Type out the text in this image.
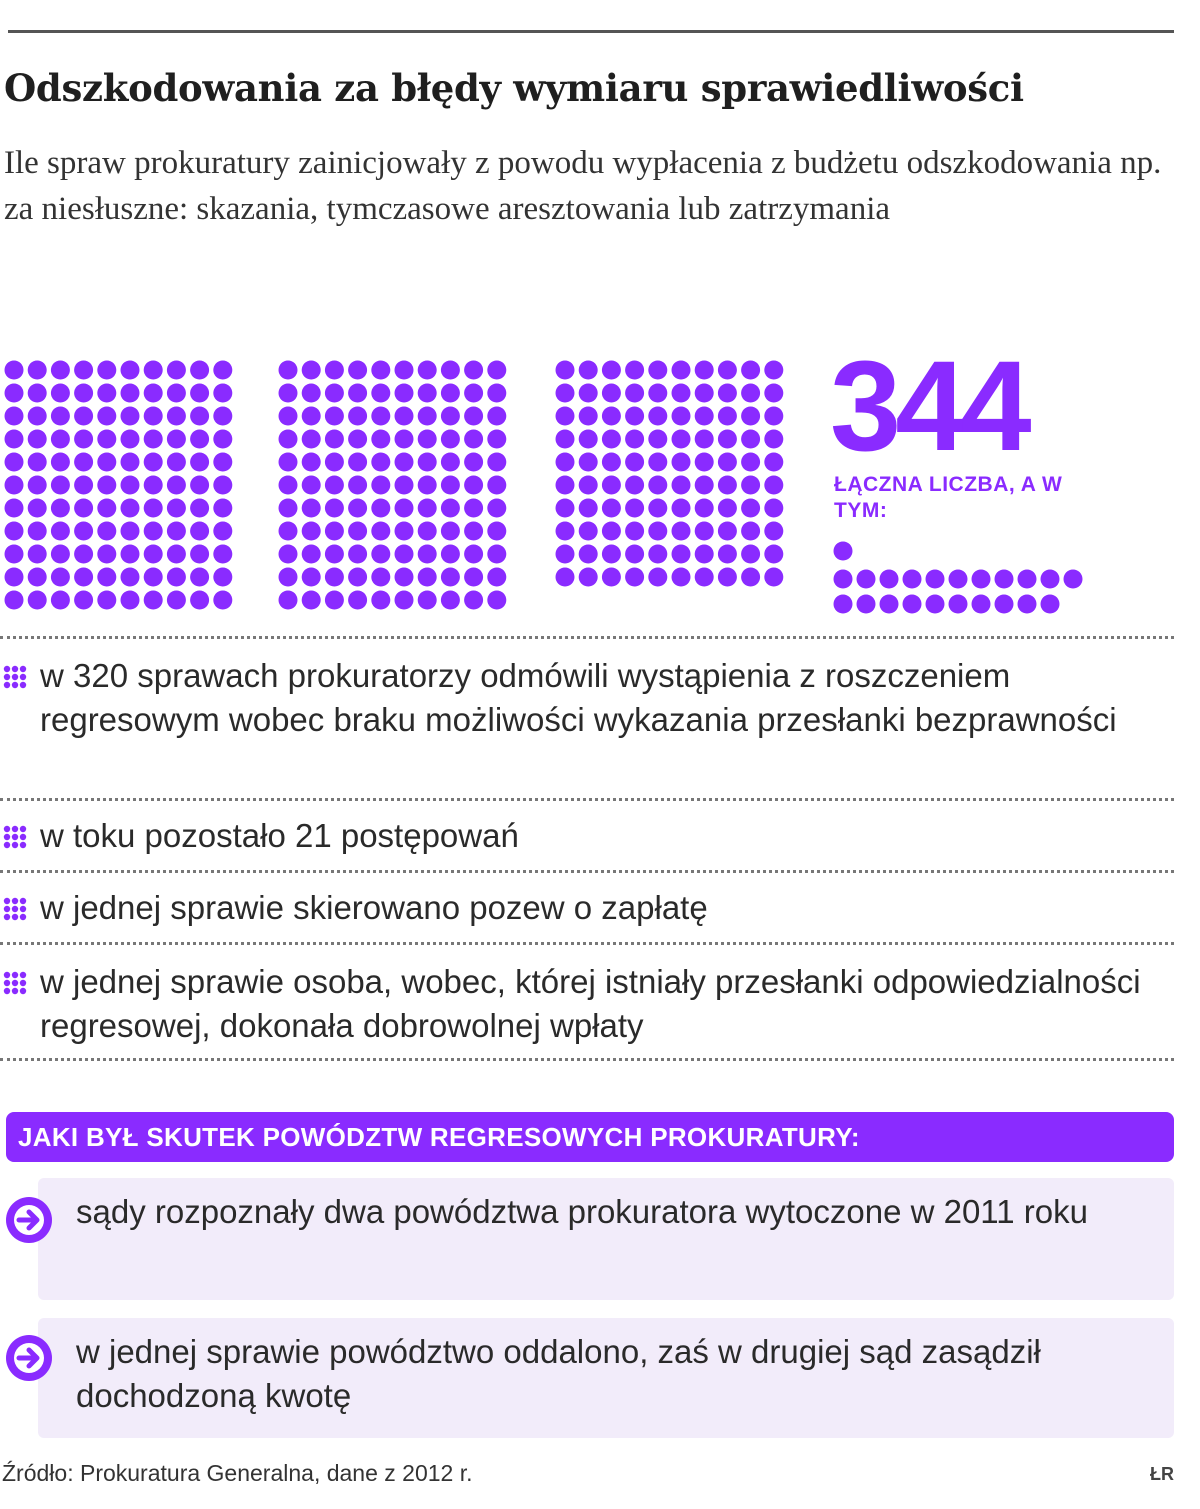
Odszkodowania za błędy wymiaru sprawiedliwości

Ile spraw prokuratury zainicjowały z powodu wypłacenia z budżetu odszkodowania np. za niesłuszne: skazania, tymczasowe aresztowania lub zatrzymania

344
ŁĄCZNA LICZBA, A W TYM:
w 320 sprawach prokuratorzy odmówili wystąpienia z roszczeniem regresowym wobec braku możliwości wykazania przesłanki bezprawności
w toku pozostało 21 postępowań
w jednej sprawie skierowano pozew o zapłatę
w jednej sprawie osoba, wobec, której istniały przesłanki odpowiedzialności regresowej, dokonała dobrowolnej wpłaty
JAKI BYŁ SKUTEK POWÓDZTW REGRESOWYCH PROKURATURY:
sądy rozpoznały dwa powództwa prokuratora wytoczone w 2011 roku
w jednej sprawie powództwo oddalono, zaś w drugiej sąd zasądził dochodzoną kwotę
Źródło: Prokuratura Generalna, dane z 2012 r.	ŁR
